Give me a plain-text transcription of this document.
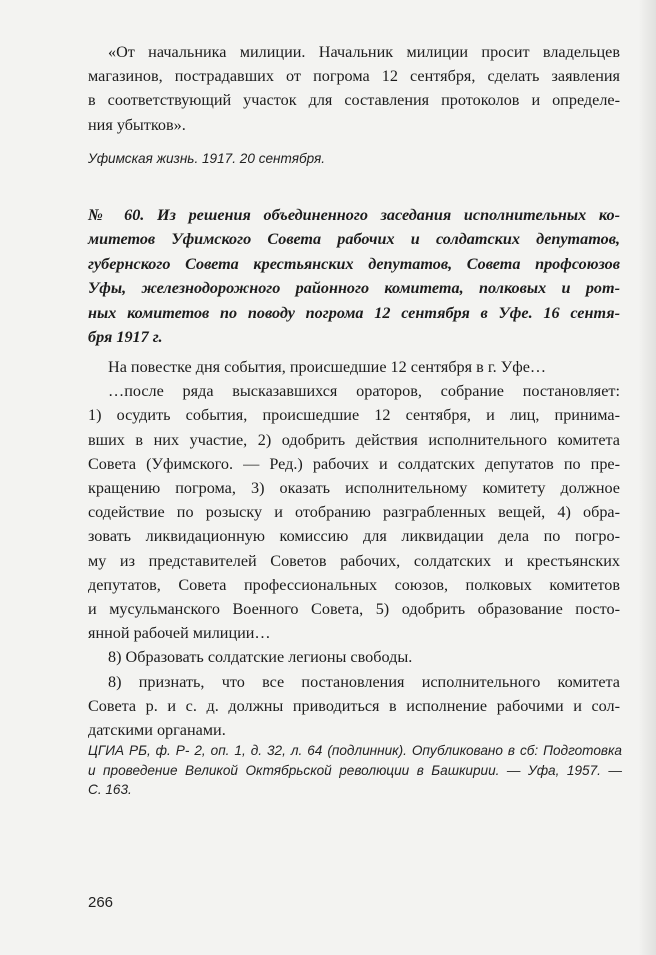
«От начальника милиции. Начальник милиции просит владельцев
магазинов, пострадавших от погрома 12 сентября, сделать заявления
в соответствующий участок для составления протоколов и определе-
ния убытков».
Уфимская жизнь. 1917. 20 сентября.
№ 60. Из решения объединенного заседания исполнительных ко-
митетов Уфимского Совета рабочих и солдатских депутатов,
губернского Совета крестьянских депутатов, Совета профсоюзов
Уфы, железнодорожного районного комитета, полковых и рот-
ных комитетов по поводу погрома 12 сентября в Уфе. 16 сентя-
бря 1917 г.
На повестке дня события, происшедшие 12 сентября в г. Уфе…
…после ряда высказавшихся ораторов, собрание постановляет:
1) осудить события, происшедшие 12 сентября, и лиц, принима-
вших в них участие, 2) одобрить действия исполнительного комитета
Совета (Уфимского. — Ред.) рабочих и солдатских депутатов по пре-
кращению погрома, 3) оказать исполнительному комитету должное
содействие по розыску и отобранию разграбленных вещей, 4) обра-
зовать ликвидационную комиссию для ликвидации дела по погро-
му из представителей Советов рабочих, солдатских и крестьянских
депутатов, Совета профессиональных союзов, полковых комитетов
и мусульманского Военного Совета, 5) одобрить образование посто-
янной рабочей милиции…
8) Образовать солдатские легионы свободы.
8) признать, что все постановления исполнительного комитета
Совета р. и с. д. должны приводиться в исполнение рабочими и сол-
датскими органами.
ЦГИА РБ, ф. Р- 2, оп. 1, д. 32, л. 64 (подлинник). Опубликовано в сб: Подготовка
и проведение Великой Октябрьской революции в Башкирии. — Уфа, 1957. —
С. 163.
266
